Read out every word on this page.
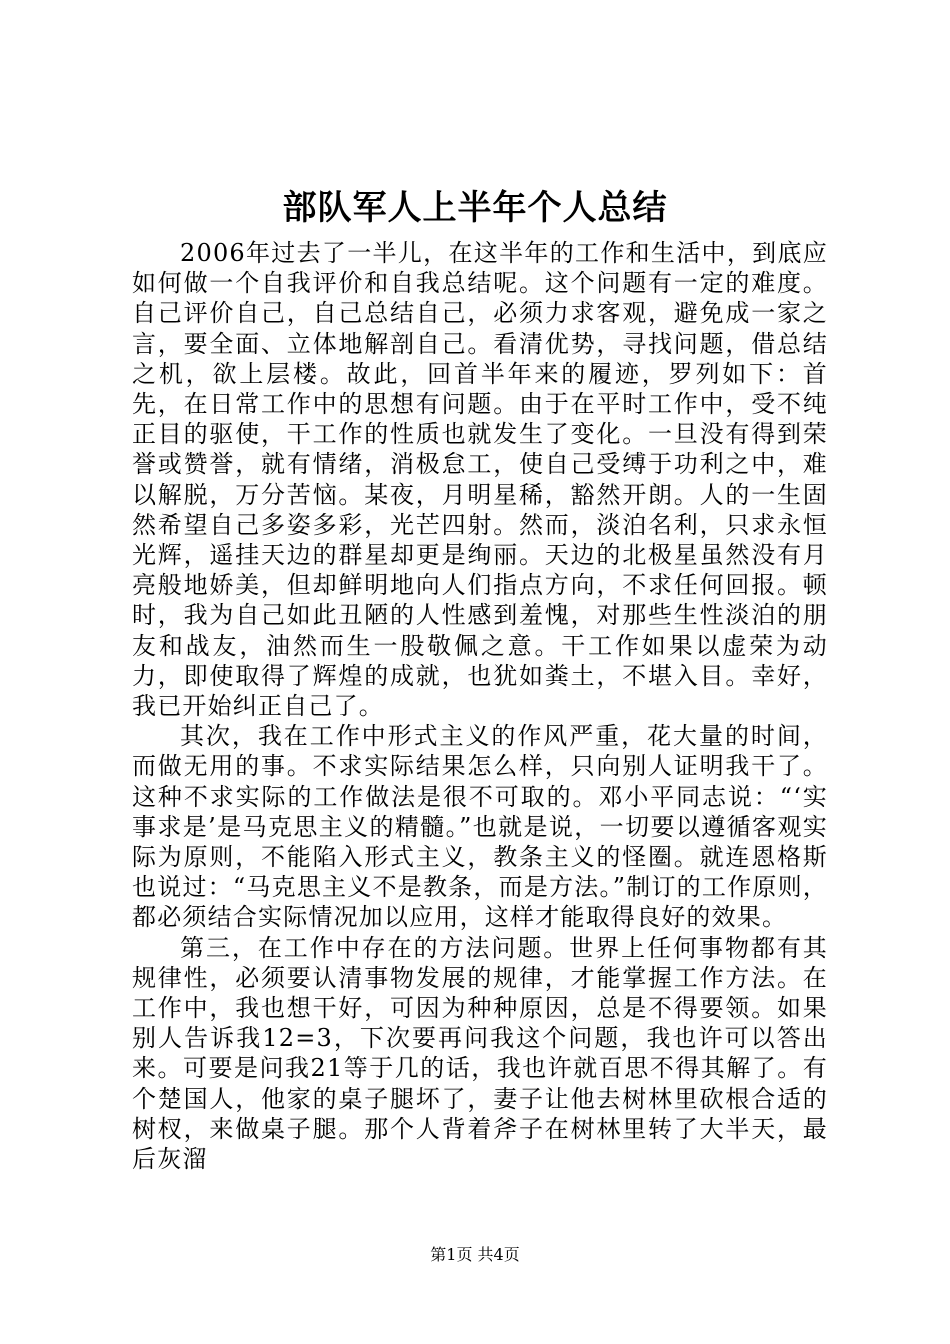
部队军人上半年个人总结

2006年过去了一半儿，在这半年的工作和生活中，到底应如何做一个自我评价和自我总结呢。这个问题有一定的难度。自己评价自己，自己总结自己，必须力求客观，避免成一家之言，要全面、立体地解剖自己。看清优势，寻找问题，借总结之机，欲上层楼。故此，回首半年来的履迹，罗列如下：首先，在日常工作中的思想有问题。由于在平时工作中，受不纯正目的驱使，干工作的性质也就发生了变化。一旦没有得到荣誉或赞誉，就有情绪，消极怠工，使自己受缚于功利之中，难以解脱，万分苦恼。某夜，月明星稀，豁然开朗。人的一生固然希望自己多姿多彩，光芒四射。然而，淡泊名利，只求永恒光辉，遥挂天边的群星却更是绚丽。天边的北极星虽然没有月亮般地娇美，但却鲜明地向人们指点方向，不求任何回报。顿时，我为自己如此丑陋的人性感到羞愧，对那些生性淡泊的朋友和战友，油然而生一股敬佩之意。干工作如果以虚荣为动力，即使取得了辉煌的成就，也犹如粪土，不堪入目。幸好，我已开始纠正自己了。

其次，我在工作中形式主义的作风严重，花大量的时间，而做无用的事。不求实际结果怎么样，只向别人证明我干了。这种不求实际的工作做法是很不可取的。邓小平同志说：“‘实事求是’是马克思主义的精髓。”也就是说，一切要以遵循客观实际为原则，不能陷入形式主义，教条主义的怪圈。就连恩格斯也说过：“马克思主义不是教条，而是方法。”制订的工作原则，都必须结合实际情况加以应用，这样才能取得良好的效果。

第三，在工作中存在的方法问题。世界上任何事物都有其规律性，必须要认清事物发展的规律，才能掌握工作方法。在工作中，我也想干好，可因为种种原因，总是不得要领。如果别人告诉我12=3，下次要再问我这个问题，我也许可以答出来。可要是问我21等于几的话，我也许就百思不得其解了。有个楚国人，他家的桌子腿坏了，妻子让他去树林里砍根合适的树杈，来做桌子腿。那个人背着斧子在树林里转了大半天，最后灰溜

第1页 共4页
